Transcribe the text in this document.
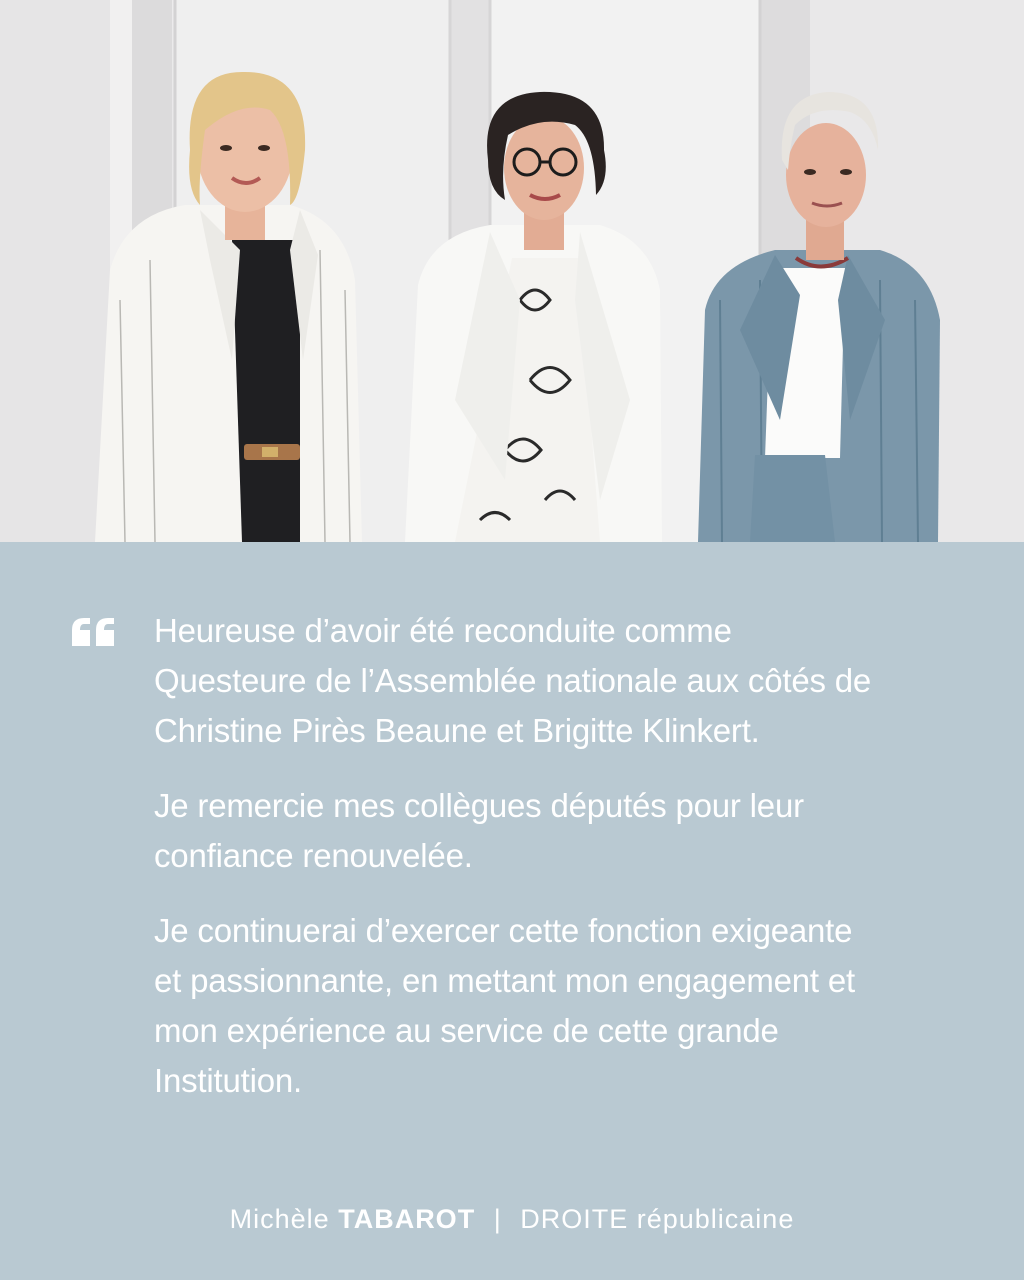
Heureuse d’avoir été reconduite comme Questeure de l’Assemblée nationale aux côtés de Christine Pirès Beaune et Brigitte Klinkert.

Je remercie mes collègues députés pour leur confiance renouvelée.

Je continuerai d’exercer cette fonction exigeante et passionnante, en mettant mon engagement et mon expérience au service de cette grande Institution.

Michèle TABAROT | DROITE républicaine
